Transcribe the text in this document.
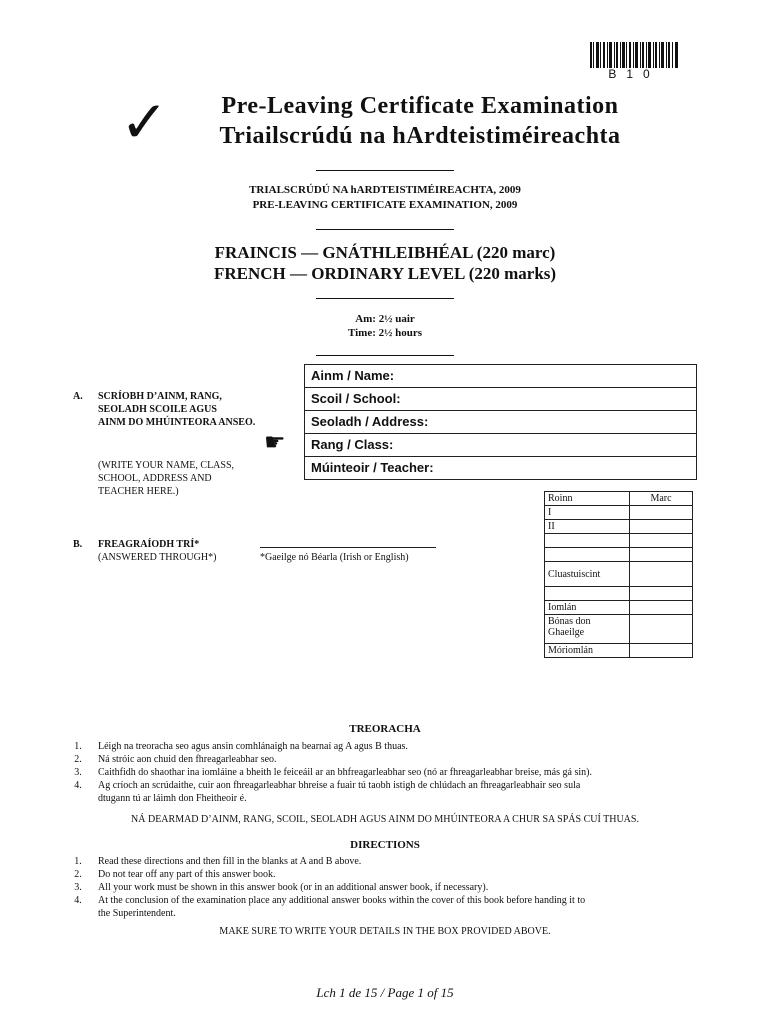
B10
✓	Pre-Leaving Certificate Examination
Triailscrúdú na hArdteistiméireachta
TRIALSCRÚDÚ NA hARDTEISTIMÉIREACHTA, 2009
PRE-LEAVING CERTIFICATE EXAMINATION, 2009
FRAINCIS — GNÁTHLEIBHÉAL (220 marc)
FRENCH — ORDINARY LEVEL (220 marks)
Am: 2½ uair
Time: 2½ hours
A. SCRÍOBH D’AINM, RANG,
SEOLADH SCOILE AGUS
AINM DO MHÚINTEORA ANSEO.
☛
(WRITE YOUR NAME, CLASS,
SCHOOL, ADDRESS AND
TEACHER HERE.)
Ainm / Name:
Scoil / School:
Seoladh / Address:
Rang / Class:
Múinteoir / Teacher:
B. FREAGRAÍODH TRÍ*
(ANSWERED THROUGH*)	*Gaeilge nó Béarla (Irish or English)
Roinn	Marc
I	
II	

Cluastuiscint	

Iomlán	
Bónas don
Ghaeilge	
Móriomlán	
TREORACHA
1.	Léigh na treoracha seo agus ansin comhlánaigh na bearnaí ag A agus B thuas.
2.	Ná stróic aon chuid den fhreagarleabhar seo.
3.	Caithfidh do shaothar ina iomláine a bheith le feiceáil ar an bhfreagarleabhar seo (nó ar fhreagarleabhar breise, más gá sin).
4.	Ag críoch an scrúdaithe, cuir aon fhreagarleabhar bhreise a fuair tú taobh istigh de chlúdach an fhreagarleabhair seo sula
dtugann tú ar láimh don Fheitheoir é.
NÁ DEARMAD D’AINM, RANG, SCOIL, SEOLADH AGUS AINM DO MHÚINTEORA A CHUR SA SPÁS CUÍ THUAS.
DIRECTIONS
1.	Read these directions and then fill in the blanks at A and B above.
2.	Do not tear off any part of this answer book.
3.	All your work must be shown in this answer book (or in an additional answer book, if necessary).
4.	At the conclusion of the examination place any additional answer books within the cover of this book before handing it to
the Superintendent.
MAKE SURE TO WRITE YOUR DETAILS IN THE BOX PROVIDED ABOVE.
Lch 1 de 15 / Page 1 of 15
